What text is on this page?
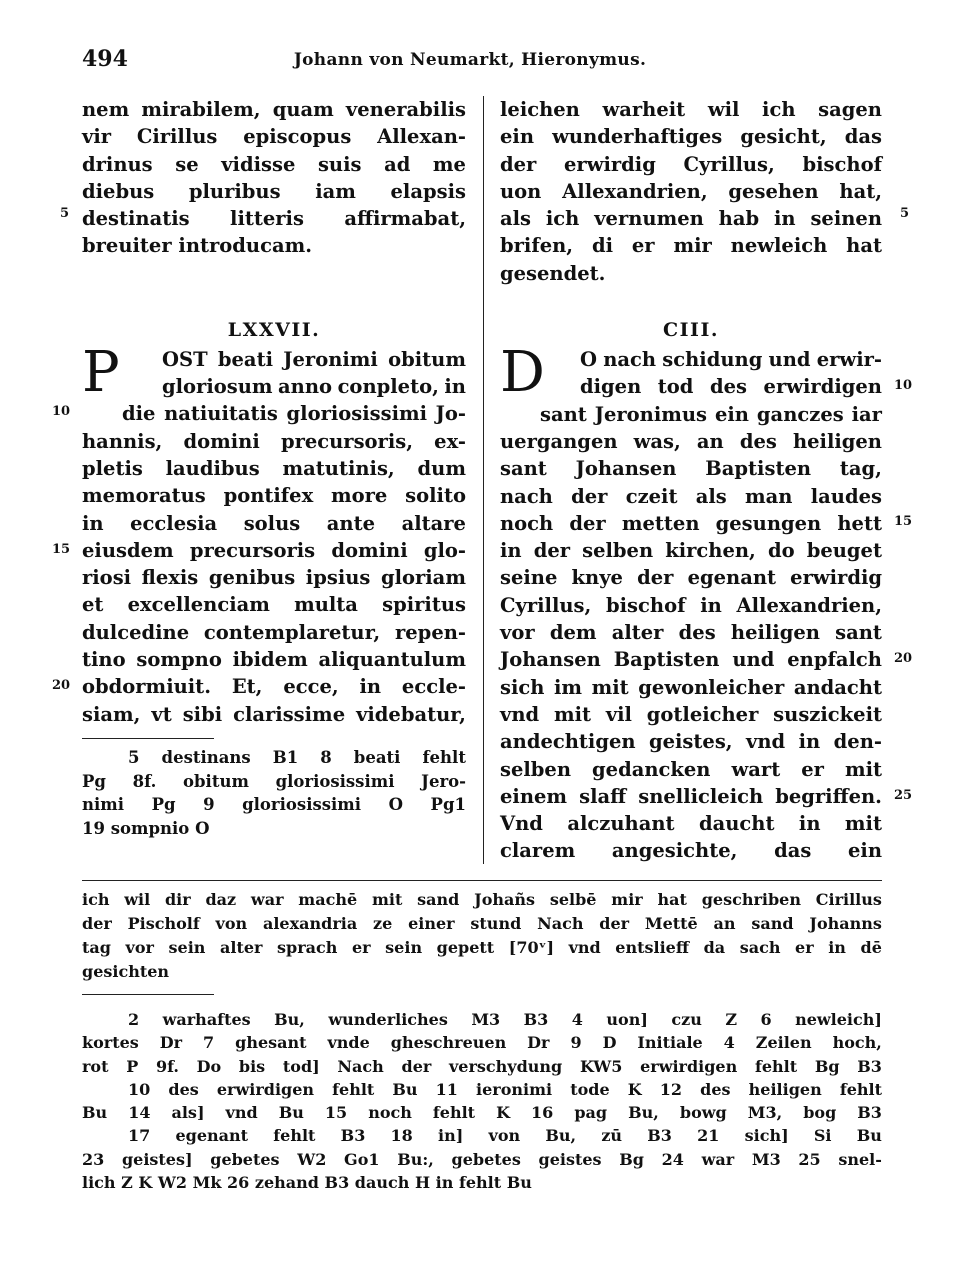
494	Johann von Neumarkt, Hieronymus.
nem mirabilem, quam venerabilis
vir Cirillus episcopus Allexan-
drinus se vidisse suis ad me
diebus pluribus iam elapsis
destinatis litteris affirmabat,
breuiter introducam.
LXXVII.
P OST beati Jeronimi obitum
gloriosum anno conpleto, in
die natiuitatis gloriosissimi Jo-
hannis, domini precursoris, ex-
pletis laudibus matutinis, dum
memoratus pontifex more solito
in ecclesia solus ante altare
eiusdem precursoris domini glo-
riosi flexis genibus ipsius gloriam
et excellenciam multa spiritus
dulcedine contemplaretur, repen-
tino sompno ibidem aliquantulum
obdormiuit. Et, ecce, in eccle-
siam, vt sibi clarissime videbatur,
5 destinans B1 8 beati fehlt
Pg 8f. obitum gloriosissimi Jero-
nimi Pg 9 gloriosissimi O Pg1
19 sompnio O
leichen warheit wil ich sagen
ein wunderhaftiges gesicht, das
der erwirdig Cyrillus, bischof
uon Allexandrien, gesehen hat,
als ich vernumen hab in seinen
brifen, di er mir newleich hat
gesendet.
CIII.
D O nach schidung und erwir-
digen tod des erwirdigen
sant Jeronimus ein ganczes iar
uergangen was, an des heiligen
sant Johansen Baptisten tag,
nach der czeit als man laudes
noch der metten gesungen hett
in der selben kirchen, do beuget
seine knye der egenant erwirdig
Cyrillus, bischof in Allexandrien,
vor dem alter des heiligen sant
Johansen Baptisten und enpfalch
sich im mit gewonleicher andacht
vnd mit vil gotleicher suszickeit
andechtigen geistes, vnd in den-
selben gedancken wart er mit
einem slaff snellicleich begriffen.
Vnd alczuhant daucht in mit
clarem angesichte, das ein
5
10
15
20
5
10
15
20
25
ich wil dir daz war machē mit sand Johañs selbē mir hat geschriben Cirillus
der Pischolf von alexandria ze einer stund Nach der Mettē an sand Johanns
tag vor sein alter sprach er sein gepett [70ᵛ] vnd entslieff da sach er in dē
gesichten
2 warhaftes Bu, wunderliches M3 B3 4 uon] czu Z 6 newleich]
kortes Dr 7 ghesant vnde gheschreuen Dr 9 D Initiale 4 Zeilen hoch,
rot P 9f. Do bis tod] Nach der verschydung KW5 erwirdigen fehlt Bg B3
10 des erwirdigen fehlt Bu 11 ieronimi tode K 12 des heiligen fehlt
Bu 14 als] vnd Bu 15 noch fehlt K 16 pag Bu, bowg M3, bog B3
17 egenant fehlt B3 18 in] von Bu, zū B3 21 sich] Si Bu
23 geistes] gebetes W2 Go1 Bu:, gebetes geistes Bg 24 war M3 25 snel-
lich Z K W2 Mk 26 zehand B3 dauch H in fehlt Bu
